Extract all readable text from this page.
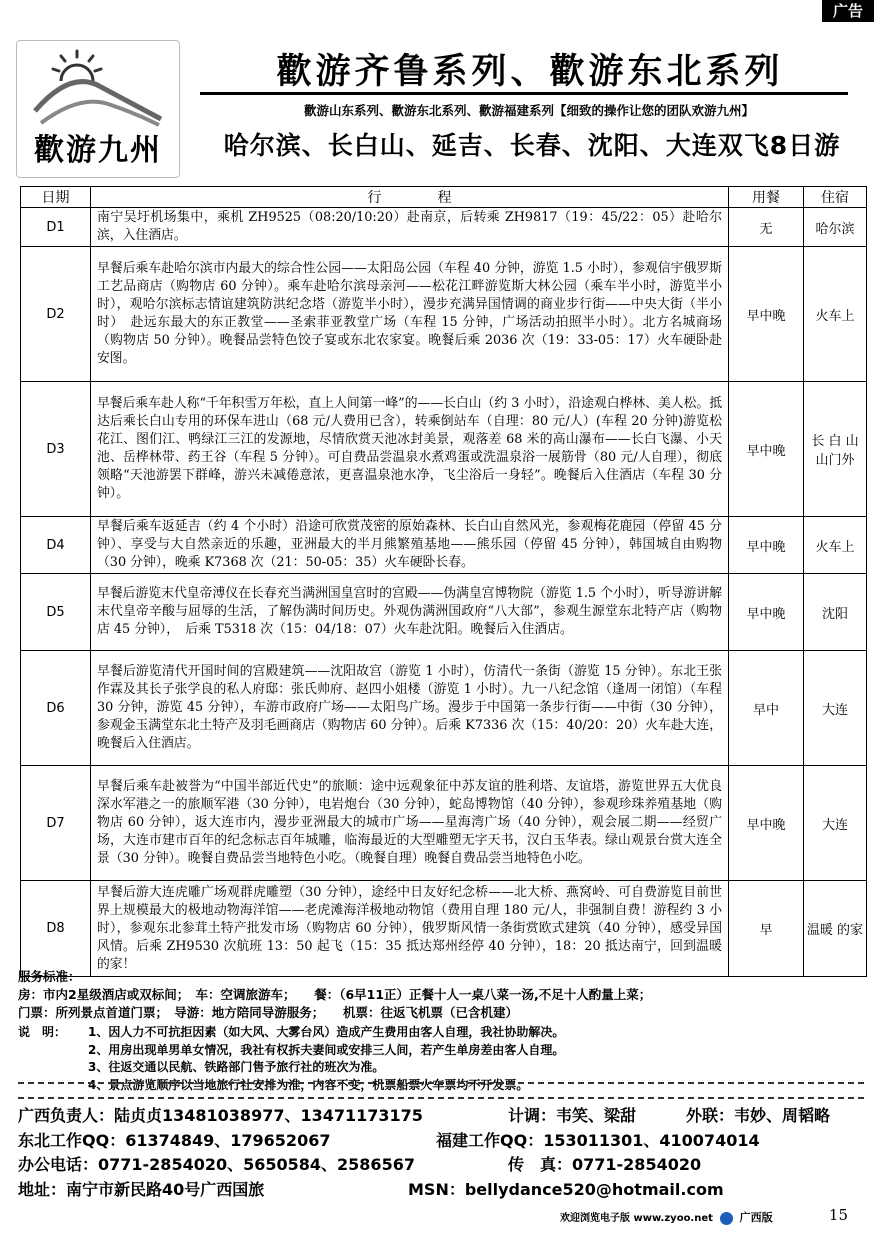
广告
歡游九州
歡游齐鲁系列、歡游东北系列
歡游山东系列、歡游东北系列、歡游福建系列【细致的操作让您的团队欢游九州】
哈尔滨、长白山、延吉、长春、沈阳、大连双飞8日游
日期	行　　　　程	用餐	住宿
D1	南宁吴圩机场集中，乘机 ZH9525（08:20/10:20）赴南京，后转乘 ZH9817（19：45/22：05）赴哈尔滨，入住酒店。	无	哈尔滨
D2	早餐后乘车赴哈尔滨市内最大的综合性公园——太阳岛公园（车程 40 分钟，游览 1.5 小时），参观信宇俄罗斯工艺品商店（购物店 60 分钟）。乘车赴哈尔滨母亲河——松花江畔游览斯大林公园（乘车半小时，游览半小时），观哈尔滨标志情谊建筑防洪纪念塔（游览半小时），漫步充满异国情调的商业步行街——中央大街（半小时）　赴远东最大的东正教堂——圣索菲亚教堂广场（车程 15 分钟，广场活动拍照半小时）。北方名城商场（购物店 50 分钟）。晚餐品尝特色饺子宴或东北农家宴。晚餐后乘 2036 次（19：33-05：17）火车硬卧赴安图。	早中晚	火车上
D3	早餐后乘车赴人称“千年积雪万年松，直上人间第一峰”的——长白山（约 3 小时），沿途观白桦林、美人松。抵达后乘长白山专用的环保车进山（68 元/人费用已含），转乘倒站车（自理：80 元/人）(车程 20 分钟)游览松花江、图们江、鸭绿江三江的发源地，尽情欣赏天池冰封美景，观落差 68 米的高山瀑布——长白飞瀑、小天池、岳桦林带、药王谷（车程 5 分钟）。可自费品尝温泉水煮鸡蛋或洗温泉浴一展筋骨（80 元/人自理），彻底领略“天池游罢下群峰，游兴未减倦意浓，更喜温泉池水净，飞尘浴后一身轻”。晚餐后入住酒店（车程 30 分钟）。	早中晚	长 白 山 山门外
D4	早餐后乘车返延吉（约 4 个小时）沿途可欣赏茂密的原始森林、长白山自然风光，参观梅花鹿园（停留 45 分钟）、享受与大自然亲近的乐趣，亚洲最大的半月熊繁殖基地——熊乐园（停留 45 分钟），韩国城自由购物（30 分钟），晚乘 K7368 次（21：50-05：35）火车硬卧长春。	早中晚	火车上
D5	早餐后游览末代皇帝溥仪在长春充当满洲国皇宫时的宫殿——伪满皇宫博物院（游览 1.5 个小时），听导游讲解末代皇帝辛酸与屈辱的生活，了解伪满时间历史。外观伪满洲国政府“八大部”，参观生源堂东北特产店（购物店 45 分钟），　后乘 T5318 次（15：04/18：07）火车赴沈阳。晚餐后入住酒店。	早中晚	沈阳
D6	早餐后游览清代开国时间的宫殿建筑——沈阳故宫（游览 1 小时），仿清代一条街（游览 15 分钟）。东北王张作霖及其长子张学良的私人府邸：张氏帅府、赵四小姐楼（游览 1 小时）。九一八纪念馆（逢周一闭馆）（车程 30 分钟，游览 45 分钟），车游市政府广场——太阳鸟广场。漫步于中国第一条步行街——中街（30 分钟），参观金玉满堂东北土特产及羽毛画商店（购物店 60 分钟）。后乘 K7336 次（15：40/20：20）火车赴大连，晚餐后入住酒店。	早中	大连
D7	早餐后乘车赴被誉为“中国半部近代史”的旅顺：途中远观象征中苏友谊的胜利塔、友谊塔，游览世界五大优良深水军港之一的旅顺军港（30 分钟），电岩炮台（30 分钟），蛇岛博物馆（40 分钟），参观珍珠养殖基地（购物店 60 分钟），返大连市内，漫步亚洲最大的城市广场——星海湾广场（40 分钟），观会展二期——经贸广场，大连市建市百年的纪念标志百年城雕，临海最近的大型雕塑无字天书，汉白玉华表。绿山观景台赏大连全景（30 分钟）。晚餐自费品尝当地特色小吃。（晚餐自理）晚餐自费品尝当地特色小吃。	早中晚	大连
D8	早餐后游大连虎雕广场观群虎雕塑（30 分钟），途经中日友好纪念桥——北大桥、燕窝岭、可自费游览目前世界上规模最大的极地动物海洋馆——老虎滩海洋极地动物馆（费用自理 180 元/人，非强制自费！游程约 3 小时），参观东北参茸土特产批发市场（购物店 60 分钟），俄罗斯风情一条街赏欧式建筑（40 分钟），感受异国风情。后乘 ZH9530 次航班 13：50 起飞（15：35 抵达郑州经停 40 分钟），18：20 抵达南宁，回到温暖的家！	早	温暖 的家
服务标准：
房：市内2星级酒店或双标间；　车：空调旅游车；　　餐：（6早11正）正餐十人一桌八菜一汤,不足十人酌量上菜；
门票：所列景点首道门票；　导游：地方陪同导游服务；　　机票：往返飞机票（已含机建）
说　明：	1、因人力不可抗拒因素（如大风、大雾台风）造成产生费用由客人自理，我社协助解决。
2、用房出现单男单女情况，我社有权拆夫妻间或安排三人间，若产生单房差由客人自理。
3、往返交通以民航、铁路部门售予旅行社的班次为准。
4、景点游览顺序以当地旅行社安排为准，内容不变，机票船票火车票均不开发票。
广西负责人：陆贞贞13481038977、13471173175	计调：韦笑、梁甜	外联：韦妙、周韬略
东北工作QQ：61374849、179652067	福建工作QQ：153011301、410074014
办公电话：0771-2854020、5650584、2586567	传　真：0771-2854020
地址：南宁市新民路40号广西国旅	MSN：bellydance520@hotmail.com
欢迎浏览电子版 www.zyoo.net 广西版	15
